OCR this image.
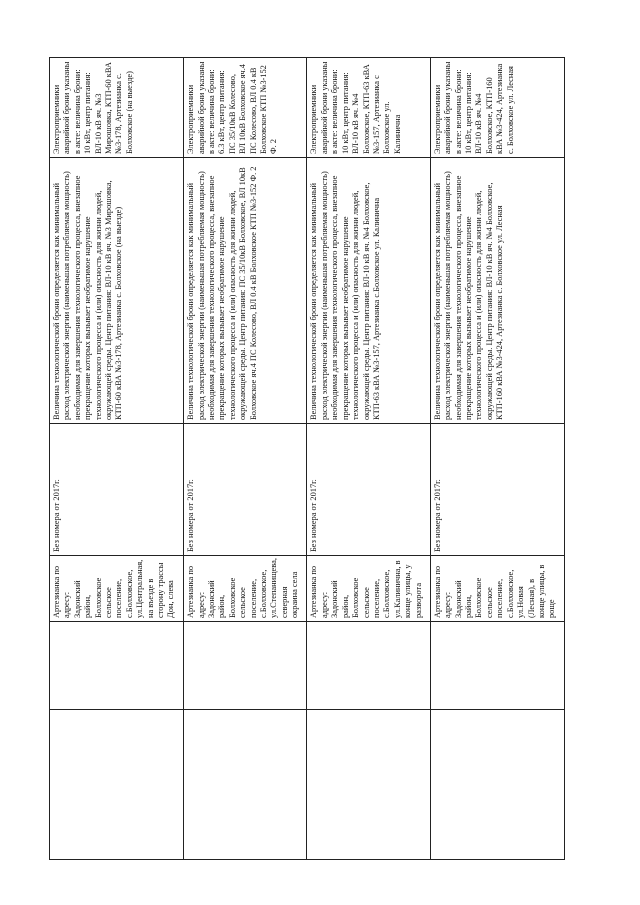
		Артезианка по адресу: Задонский район, Болховское сельское поселение, с.Болховское, ул.Центральная, на въезде в сторону трассы Дон, слева	Без номера от 2017г.	Величина технологической брони определяется как минимальный расход электрической энергии (наименьшая потребляемая мощность) необходимая для завершения технологического процесса, внезапное прекращение которых вызывает необратимое нарушение технологического процесса и (или) опасность для жизни людей, окружающей среды. Центр питания: ВЛ-10 кВ яч. №3 Мирошовка, КТП-60 кВА №3-178, Артезианка с. Болховское (на выезде)	Электроприемники аварийной брони указаны в акте: величина брони: 10 кВт, центр питания: ВЛ-10 кВ яч. №3 Мирошовка, КТП-60 кВА №3-178, Артезианка с. Болховское (на выезде)
		Артезианка по адресу: Задонский район, Болховское сельское поселение, с.Болховское, ул.Степанищева, северная окраина села	Без номера от 2017г.	Величина технологической брони определяется как минимальный расход электрической энергии (наименьшая потребляемая мощность) необходимая для завершения технологического процесса, внезапное прекращение которых вызывает необратимое нарушение технологического процесса и (или) опасность для жизни людей, окружающей среды. Центр питания: ПС 35/10кВ Болховское, ВЛ 10кВ Болховское яч.4 ПС Колесово, ВЛ 0.4 кВ Болховское КТП №3-152 Ф. 2	Электроприемники аварийной брони указаны в акте: величина брони: 6.3 кВт, центр питания: ПС 35/10кВ Колесово, ВЛ 10кВ Болховское яч.4 ПС Колесово, ВЛ 0.4 кВ Болховское КТП №3-152 Ф. 2
		Артезианка по адресу: Задонский район, Болховское сельское поселение, с.Болховское, ул.Калинична, в конце улицы, у разворота	Без номера от 2017г.	Величина технологической брони определяется как минимальный расход электрической энергии (наименьшая потребляемая мощность) необходимая для завершения технологического процесса, внезапное прекращение которых вызывает необратимое нарушение технологического процесса и (или) опасность для жизни людей, окружающей среды. Центр питания: ВЛ-10 кВ яч. №4 Болховское, КТП-63 кВА №3-157, Артезианка с.Болховское ул. Калинична	Электроприемники аварийной брони указаны в акте: величина брони: 10 кВт, центр питания: ВЛ-10 кВ яч. №4 Болховское, КТП-63 кВА №3-157, Артезианка с Болховское ул. Калинична
		Артезианка по адресу: Задонский район, Болховское сельское поселение, с.Болховское, ул.Новая (Лесная), в конце улицы, в роще	Без номера от 2017г.	Величина технологической брони определяется как минимальный расход электрической энергии (наименьшая потребляемая мощность) необходимая для завершения технологического процесса, внезапное прекращение которых вызывает необратимое нарушение технологического процесса и (или) опасность для жизни людей, окружающей среды. Центр питания: ВЛ-10 кВ яч. №4 Болховское, КТП-160 кВА №3-424, Артезианка с. Болховское ул. Лесная	Электроприемники аварийной брони указаны в акте: величина брони: 10 кВт, центр питания: ВЛ-10 кВ яч. №4 Болховское, КТП-160 кВА №3-424, Артезианка с. Болховское ул. Лесная
